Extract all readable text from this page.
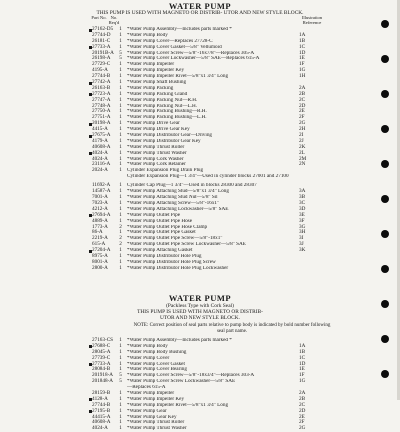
WATER PUMP
THIS PUMP IS USED WITH MAGNETO OR DISTRIB- UTOR AND NEW STYLE BLOCK.
Part No. No. Req'd
Illustration Reference
27162-D5	1	*Water Pump Assembly—Includes parts marked *
27744-D	1	*Water Pump Body	1A
26181-C	1	*Water Pump Cover—Replaces 27728-C	1B
27733-A	1	*Water Pump Cover Gasket—5/8" Vellumoid	1C
20191B-A	5	*Water Pump Cover Screw—5/8"-16x7/8"—Replaces 305-A	1D
26198-A	5	*Water Pump Cover Lockwasher—5/8" SAE—Replaces 615-A	1E
27729-C	1	*Water Pump Impeller	1F
4195-A	1	*Water Pump Impeller Key	1G
27744-B	1	*Water Pump Impeller Rivet—5/8"x1 3/4" Long	1H
27742-A	1	*Water Pump Shaft Bushing
26163-B	1	*Water Pump Packing	2A
27723-A	1	*Water Pump Packing Gland	2B
27747-A	1	*Water Pump Packing Nut—R.H.	2C
27748-A	1	*Water Pump Packing Nut—L.H.	2D
27750-A	1	*Water Pump Packing Bushing—R.H.	2E
27751-A	1	*Water Pump Packing Bushing—L.H.	2F
20198-A	1	*Water Pump Drive Gear	2G
4415-A	1	*Water Pump Drive Gear Key	2H
27675-A	1	*Water Pump Distributor Gear—Driving	2I
4179-A	1	*Water Pump Distributor Gear Key	2J
40608-A	1	*Water Pump Thrust Roller	2K
4024-A	1	*Water Pump Thrust Washer	2L
4024-A	1	*Water Pump Cork Washer	2M
23116-A	1	*Water Pump Cork Retainer	2N
2024-A	1	Cylinder Expansion Plug Drain Plug
Cylinder Expansion Plug—1 3/4"—Used in cylinder blocks 27001 and 27100
11692-A	1	Cylinder Cap Plug—1 3/4"—Used in blocks 28300 and 28307
14587-A	1	*Water Pump Attaching Stud—5/8"x1 3/4" Long	3A
7001-A	1	*Water Pump Attaching Stud Nut—5/8" Sil	3B
7023-A	1	*Water Pump Attaching Screw—5/8"-16x1"	3C
4212-A	1	*Water Pump Attaching Lockwasher—5/8" SAE	3D
27694-A	1	*Water Pump Outlet Pipe	3E
4889-A	1	*Water Pump Outlet Pipe Hose	3F
1773-A	2	*Water Pump Outlet Pipe Hose Clamp	3G
86-A	1	*Water Pump Outlet Pipe Gasket	3H
2219-A	2	*Water Pump Outlet Pipe Screw—5/8"-18x1"	3I
615-A	2	*Water Pump Outlet Pipe Screw Lockwasher—5/8" SAE	3J
27204-A	1	*Water Pump Attaching Gasket	3K
8975-A	1	*Water Pump Distributor Hole Plug
8001-A	1	*Water Pump Distributor Hole Plug Screw
2800-A	1	*Water Pump Distributor Hole Plug Lockwasher
WATER PUMP
(Packless Type with Cork Seal)
THIS PUMP IS USED WITH MAGNETO OR DISTRIB-
UTOR AND NEW STYLE BLOCK.
NOTE: Correct position of seal parts relative to pump body is indicated by bold number following seal part name.
27163-CS	1	*Water Pump Assembly—Includes parts marked *
27688-C	1	*Water Pump Body	1A
28045-A	1	*Water Pump Body Bushing	1B
27739-C	1	*Water Pump Cover	1C
27733-A	1	*Water Pump Cover Gasket	1D
28084-B	1	*Water Pump Cover Bearing	1E
201918-A	5	*Water Pump Cover Screw—5/8"-18x3/4"—Replaces 303-A	1F
201848-A	5	*Water Pump Cover Screw Lockwasher—5/8" SAE	1G
—Replaces 615-A
28159-B	1	*Water Pump Impeller	2A
4128-A	1	*Water Pump Impeller Key	2B
27744-B	1	*Water Pump Impeller Rivet—5/8"x1 3/4" Long	2C
27195-B	1	*Water Pump Gear	2D
44415-A	1	*Water Pump Gear Key	2E
40608-A	1	*Water Pump Thrust Roller	2F
4024-A	1	*Water Pump Thrust Washer	2G
